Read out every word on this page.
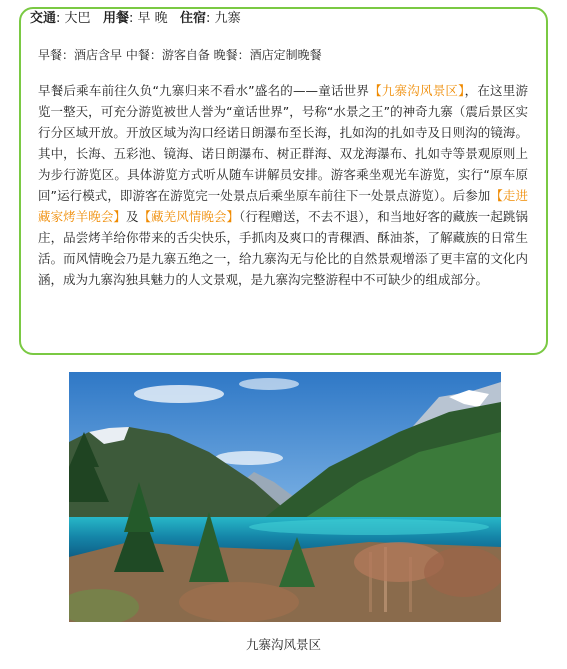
交通: 大巴 用餐: 早 晚 住宿: 九寨
早餐：酒店含早 中餐：游客自备 晚餐：酒店定制晚餐

早餐后乘车前往久负“九寨归来不看水”盛名的——童话世界【九寨沟风景区】，在这里游览一整天，可充分游览被世人誉为“童话世界”，号称“水景之王”的神奇九寨（震后景区实行分区域开放。开放区域为沟口经诺日朗瀑布至长海，扎如沟的扎如寺及日则沟的镜海。其中，长海、五彩池、镜海、诺日朗瀑布、树正群海、双龙海瀑布、扎如寺等景观原则上为步行游览区。具体游览方式听从随车讲解员安排。游客乘坐观光车游览，实行“原车原回”运行模式，即游客在游览完一处景点后乘坐原车前往下一处景点游览）。后参加【走进藏家烤羊晚会】及【藏羌风情晚会】（行程赠送，不去不退），和当地好客的藏族一起跳锅庄，品尝烤羊给你带来的舌尖快乐，手抓肉及爽口的青稞酒、酥油茶，了解藏族的日常生活。而风情晚会乃是九寨五绝之一，给九寨沟无与伦比的自然景观增添了更丰富的文化内涵，成为九寨沟独具魅力的人文景观，是九寨沟完整游程中不可缺少的组成部分。

九寨沟风景区
